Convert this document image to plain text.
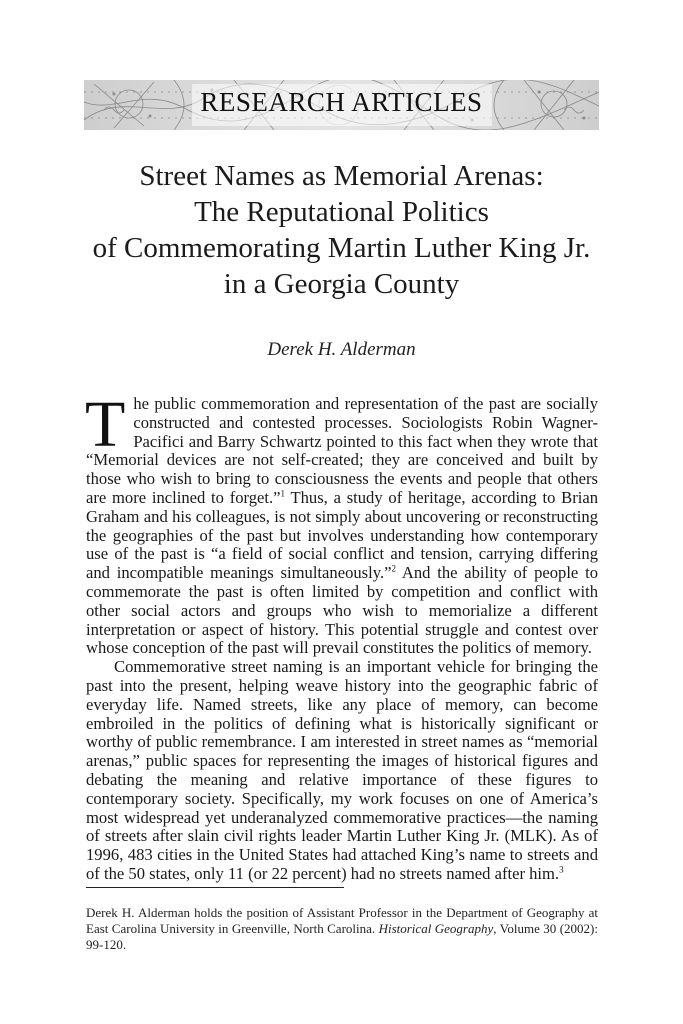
RESEARCH ARTICLES
Street Names as Memorial Arenas:
The Reputational Politics
of Commemorating Martin Luther King Jr.
in a Georgia County
Derek H. Alderman

The public commemoration and representation of the past are socially constructed and contested processes. Sociologists Robin Wagner-Pacifici and Barry Schwartz pointed to this fact when they wrote that “Memorial devices are not self-created; they are conceived and built by those who wish to bring to consciousness the events and people that others are more inclined to forget.”$^1$ Thus, a study of heritage, according to Brian Graham and his colleagues, is not simply about uncovering or reconstructing the geographies of the past but involves understanding how contemporary use of the past is “a field of social conflict and tension, carrying differing and incompatible meanings simultaneously.”$^2$ And the ability of people to commemorate the past is often limited by competition and conflict with other social actors and groups who wish to memorialize a different interpretation or aspect of history. This potential struggle and contest over whose conception of the past will prevail constitutes the politics of memory.

Commemorative street naming is an important vehicle for bringing the past into the present, helping weave history into the geographic fabric of everyday life. Named streets, like any place of memory, can become embroiled in the politics of defining what is historically significant or worthy of public remembrance. I am interested in street names as “memorial arenas,” public spaces for representing the images of historical figures and debating the meaning and relative importance of these figures to contemporary society. Specifically, my work focuses on one of America’s most widespread yet underanalyzed commemorative practices—the naming of streets after slain civil rights leader Martin Luther King Jr. (MLK). As of 1996, 483 cities in the United States had attached King’s name to streets and of the 50 states, only 11 (or 22 percent) had no streets named after him.$^3$

Derek H. Alderman holds the position of Assistant Professor in the Department of Geography at East Carolina University in Greenville, North Carolina. Historical Geography, Volume 30 (2002): 99-120.
